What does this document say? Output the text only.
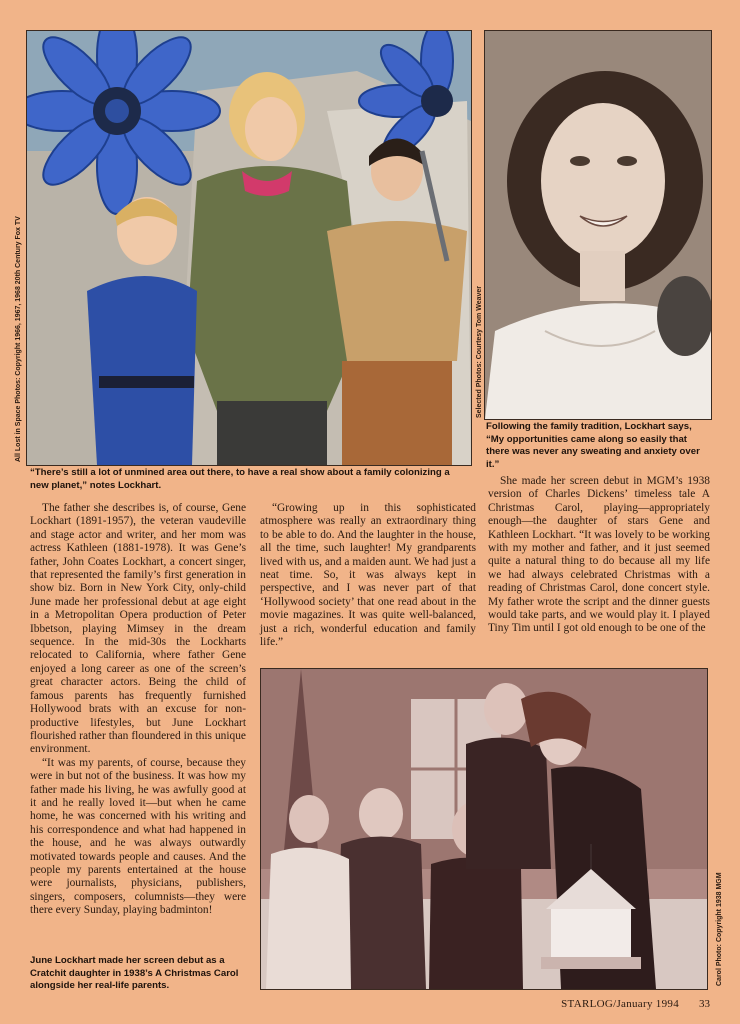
All Lost in Space Photos: Copyright 1966, 1967, 1968 20th Century Fox TV	Selected Photos: Courtesy Tom Weaver
“There’s still a lot of unmined area out there, to have a real show about a family colonizing a new planet,” notes Lockhart.
Following the family tradition, Lockhart says, “My opportunities came along so easily that there was never any sweating and anxiety over it.”

The father she describes is, of course, Gene Lockhart (1891-1957), the veteran vaudeville and stage actor and writer, and her mom was actress Kathleen (1881-1978). It was Gene’s father, John Coates Lockhart, a concert singer, that represented the family’s first generation in show biz. Born in New York City, only-child June made her professional debut at age eight in a Metropolitan Opera production of Peter Ibbetson, playing Mimsey in the dream sequence. In the mid-30s the Lockharts relocated to California, where father Gene enjoyed a long career as one of the screen’s great character actors. Being the child of famous parents has frequently furnished Hollywood brats with an excuse for non-productive lifestyles, but June Lockhart flourished rather than floundered in this unique environment.

“It was my parents, of course, because they were in but not of the business. It was how my father made his living, he was awfully good at it and he really loved it—but when he came home, he was concerned with his writing and his correspondence and what had happened in the house, and he was always outwardly motivated towards people and causes. And the people my parents entertained at the house were journalists, physicians, publishers, singers, composers, columnists—they were there every Sunday, playing badminton!

“Growing up in this sophisticated atmosphere was really an extraordinary thing to be able to do. And the laughter in the house, all the time, such laughter! My grandparents lived with us, and a maiden aunt. We had just a neat time. So, it was always kept in perspective, and I was never part of that ‘Hollywood society’ that one read about in the movie magazines. It was quite well-balanced, just a rich, wonderful education and family life.”

She made her screen debut in MGM’s 1938 version of Charles Dickens’ timeless tale A Christmas Carol, playing—appropriately enough—the daughter of stars Gene and Kathleen Lockhart. “It was lovely to be working with my mother and father, and it just seemed quite a natural thing to do because all my life we had always celebrated Christmas with a reading of Christmas Carol, done concert style. My father wrote the script and the dinner guests would take parts, and we would play it. I played Tiny Tim until I got old enough to be one of the

Carol Photo: Copyright 1938 MGM
June Lockhart made her screen debut as a Cratchit daughter in 1938’s A Christmas Carol alongside her real-life parents.
STARLOG/January 1994 33
